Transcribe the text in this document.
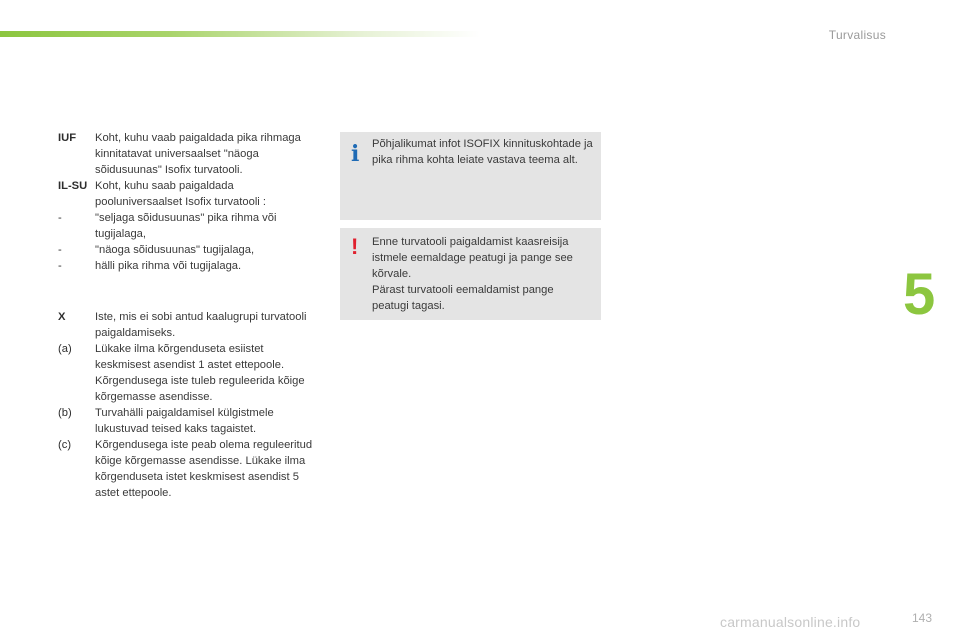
Turvalisus
IUF	Koht, kuhu vaab paigaldada pika rihmaga kinnitatavat universaalset "näoga sõidusuunas" Isofix turvatooli.
IL-SU Koht, kuhu saab paigaldada pooluniversaalset Isofix turvatooli :
-	"seljaga sõidusuunas" pika rihma või tugijalaga,
-	"näoga sõidusuunas" tugijalaga,
-	hälli pika rihma või tugijalaga.
X	Iste, mis ei sobi antud kaalugrupi turvatooli paigaldamiseks.
(a)	Lükake ilma kõrgenduseta esiistet keskmisest asendist 1 astet ettepoole. Kõrgendusega iste tuleb reguleerida kõige kõrgemasse asendisse.
(b)	Turvahälli paigaldamisel külgistmele lukustuvad teised kaks tagaistet.
(c)	Kõrgendusega iste peab olema reguleeritud kõige kõrgemasse asendisse. Lükake ilma kõrgenduseta istet keskmisest asendist 5 astet ettepoole.
i Põhjalikumat infot ISOFIX kinnituskohtade ja pika rihma kohta leiate vastava teema alt.
! Enne turvatooli paigaldamist kaasreisija istmele eemaldage peatugi ja pange see kõrvale.
Pärast turvatooli eemaldamist pange peatugi tagasi.	5
143
carmanualsonline.info
